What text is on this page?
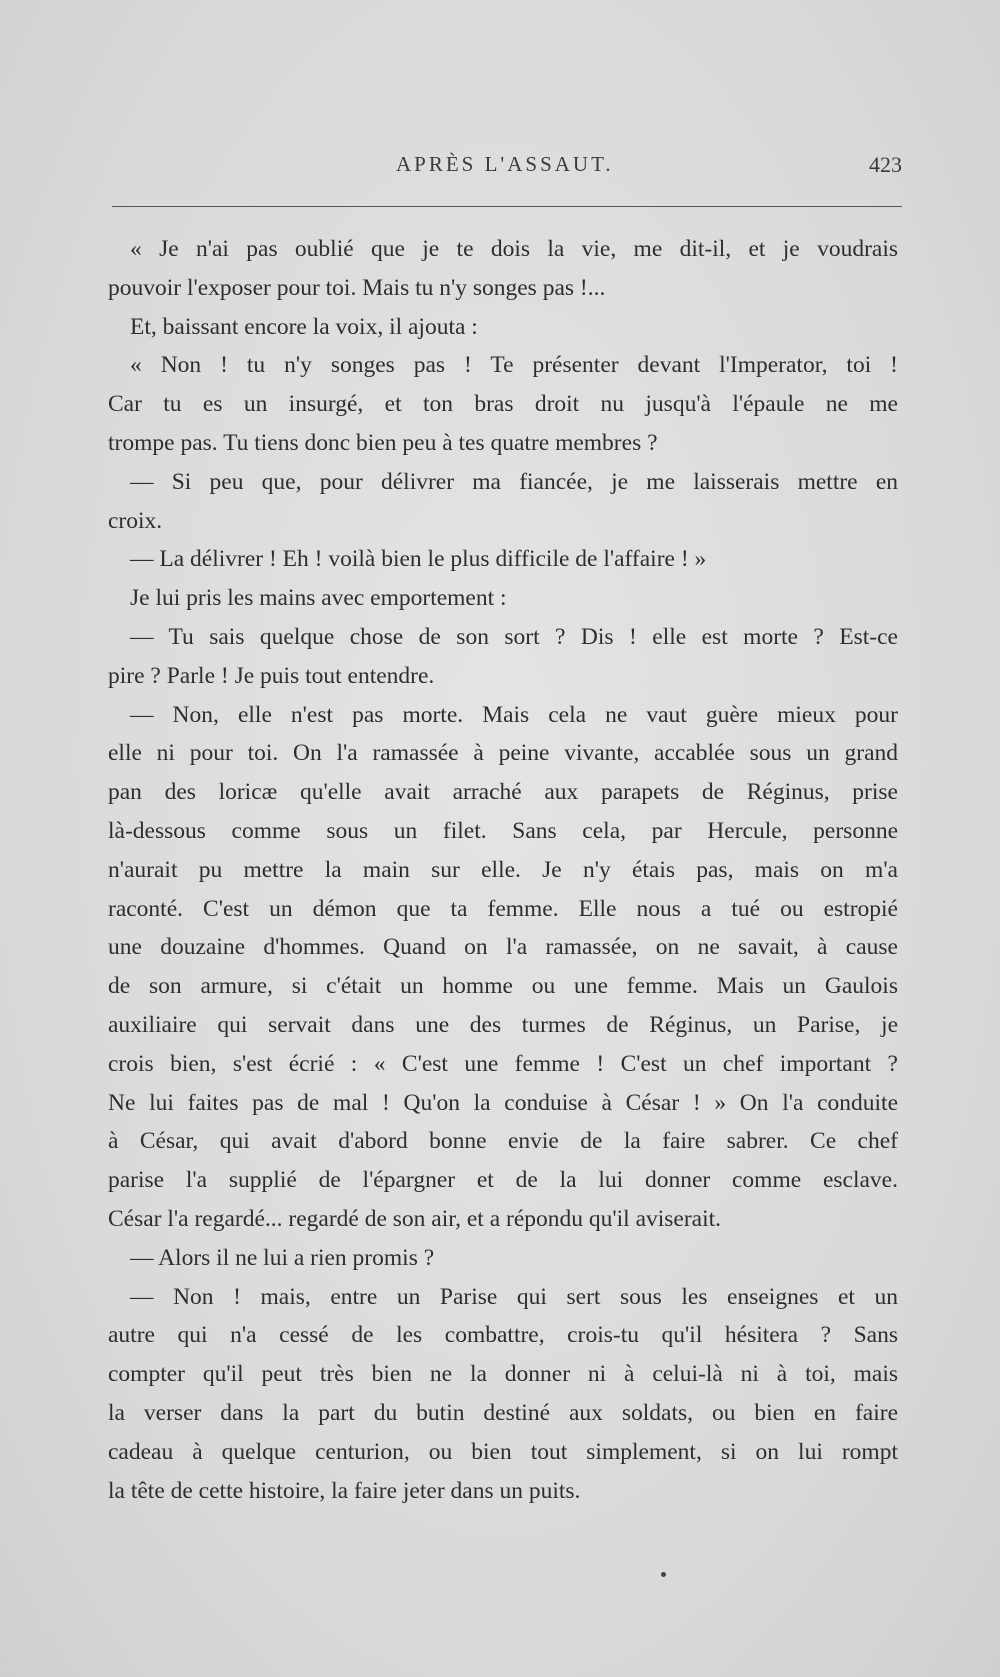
APRÈS L'ASSAUT.	423
« Je n'ai pas oublié que je te dois la vie, me dit-il, et je voudrais
pouvoir l'exposer pour toi. Mais tu n'y songes pas !...
Et, baissant encore la voix, il ajouta :
« Non ! tu n'y songes pas ! Te présenter devant l'Imperator, toi !
Car tu es un insurgé, et ton bras droit nu jusqu'à l'épaule ne me
trompe pas. Tu tiens donc bien peu à tes quatre membres ?
— Si peu que, pour délivrer ma fiancée, je me laisserais mettre en
croix.
— La délivrer ! Eh ! voilà bien le plus difficile de l'affaire ! »
Je lui pris les mains avec emportement :
— Tu sais quelque chose de son sort ? Dis ! elle est morte ? Est-ce
pire ? Parle ! Je puis tout entendre.
— Non, elle n'est pas morte. Mais cela ne vaut guère mieux pour
elle ni pour toi. On l'a ramassée à peine vivante, accablée sous un grand
pan des loricæ qu'elle avait arraché aux parapets de Réginus, prise
là-dessous comme sous un filet. Sans cela, par Hercule, personne
n'aurait pu mettre la main sur elle. Je n'y étais pas, mais on m'a
raconté. C'est un démon que ta femme. Elle nous a tué ou estropié
une douzaine d'hommes. Quand on l'a ramassée, on ne savait, à cause
de son armure, si c'était un homme ou une femme. Mais un Gaulois
auxiliaire qui servait dans une des turmes de Réginus, un Parise, je
crois bien, s'est écrié : « C'est une femme ! C'est un chef important ?
Ne lui faites pas de mal ! Qu'on la conduise à César ! » On l'a conduite
à César, qui avait d'abord bonne envie de la faire sabrer. Ce chef
parise l'a supplié de l'épargner et de la lui donner comme esclave.
César l'a regardé... regardé de son air, et a répondu qu'il aviserait.
— Alors il ne lui a rien promis ?
— Non ! mais, entre un Parise qui sert sous les enseignes et un
autre qui n'a cessé de les combattre, crois-tu qu'il hésitera ? Sans
compter qu'il peut très bien ne la donner ni à celui-là ni à toi, mais
la verser dans la part du butin destiné aux soldats, ou bien en faire
cadeau à quelque centurion, ou bien tout simplement, si on lui rompt
la tête de cette histoire, la faire jeter dans un puits.
